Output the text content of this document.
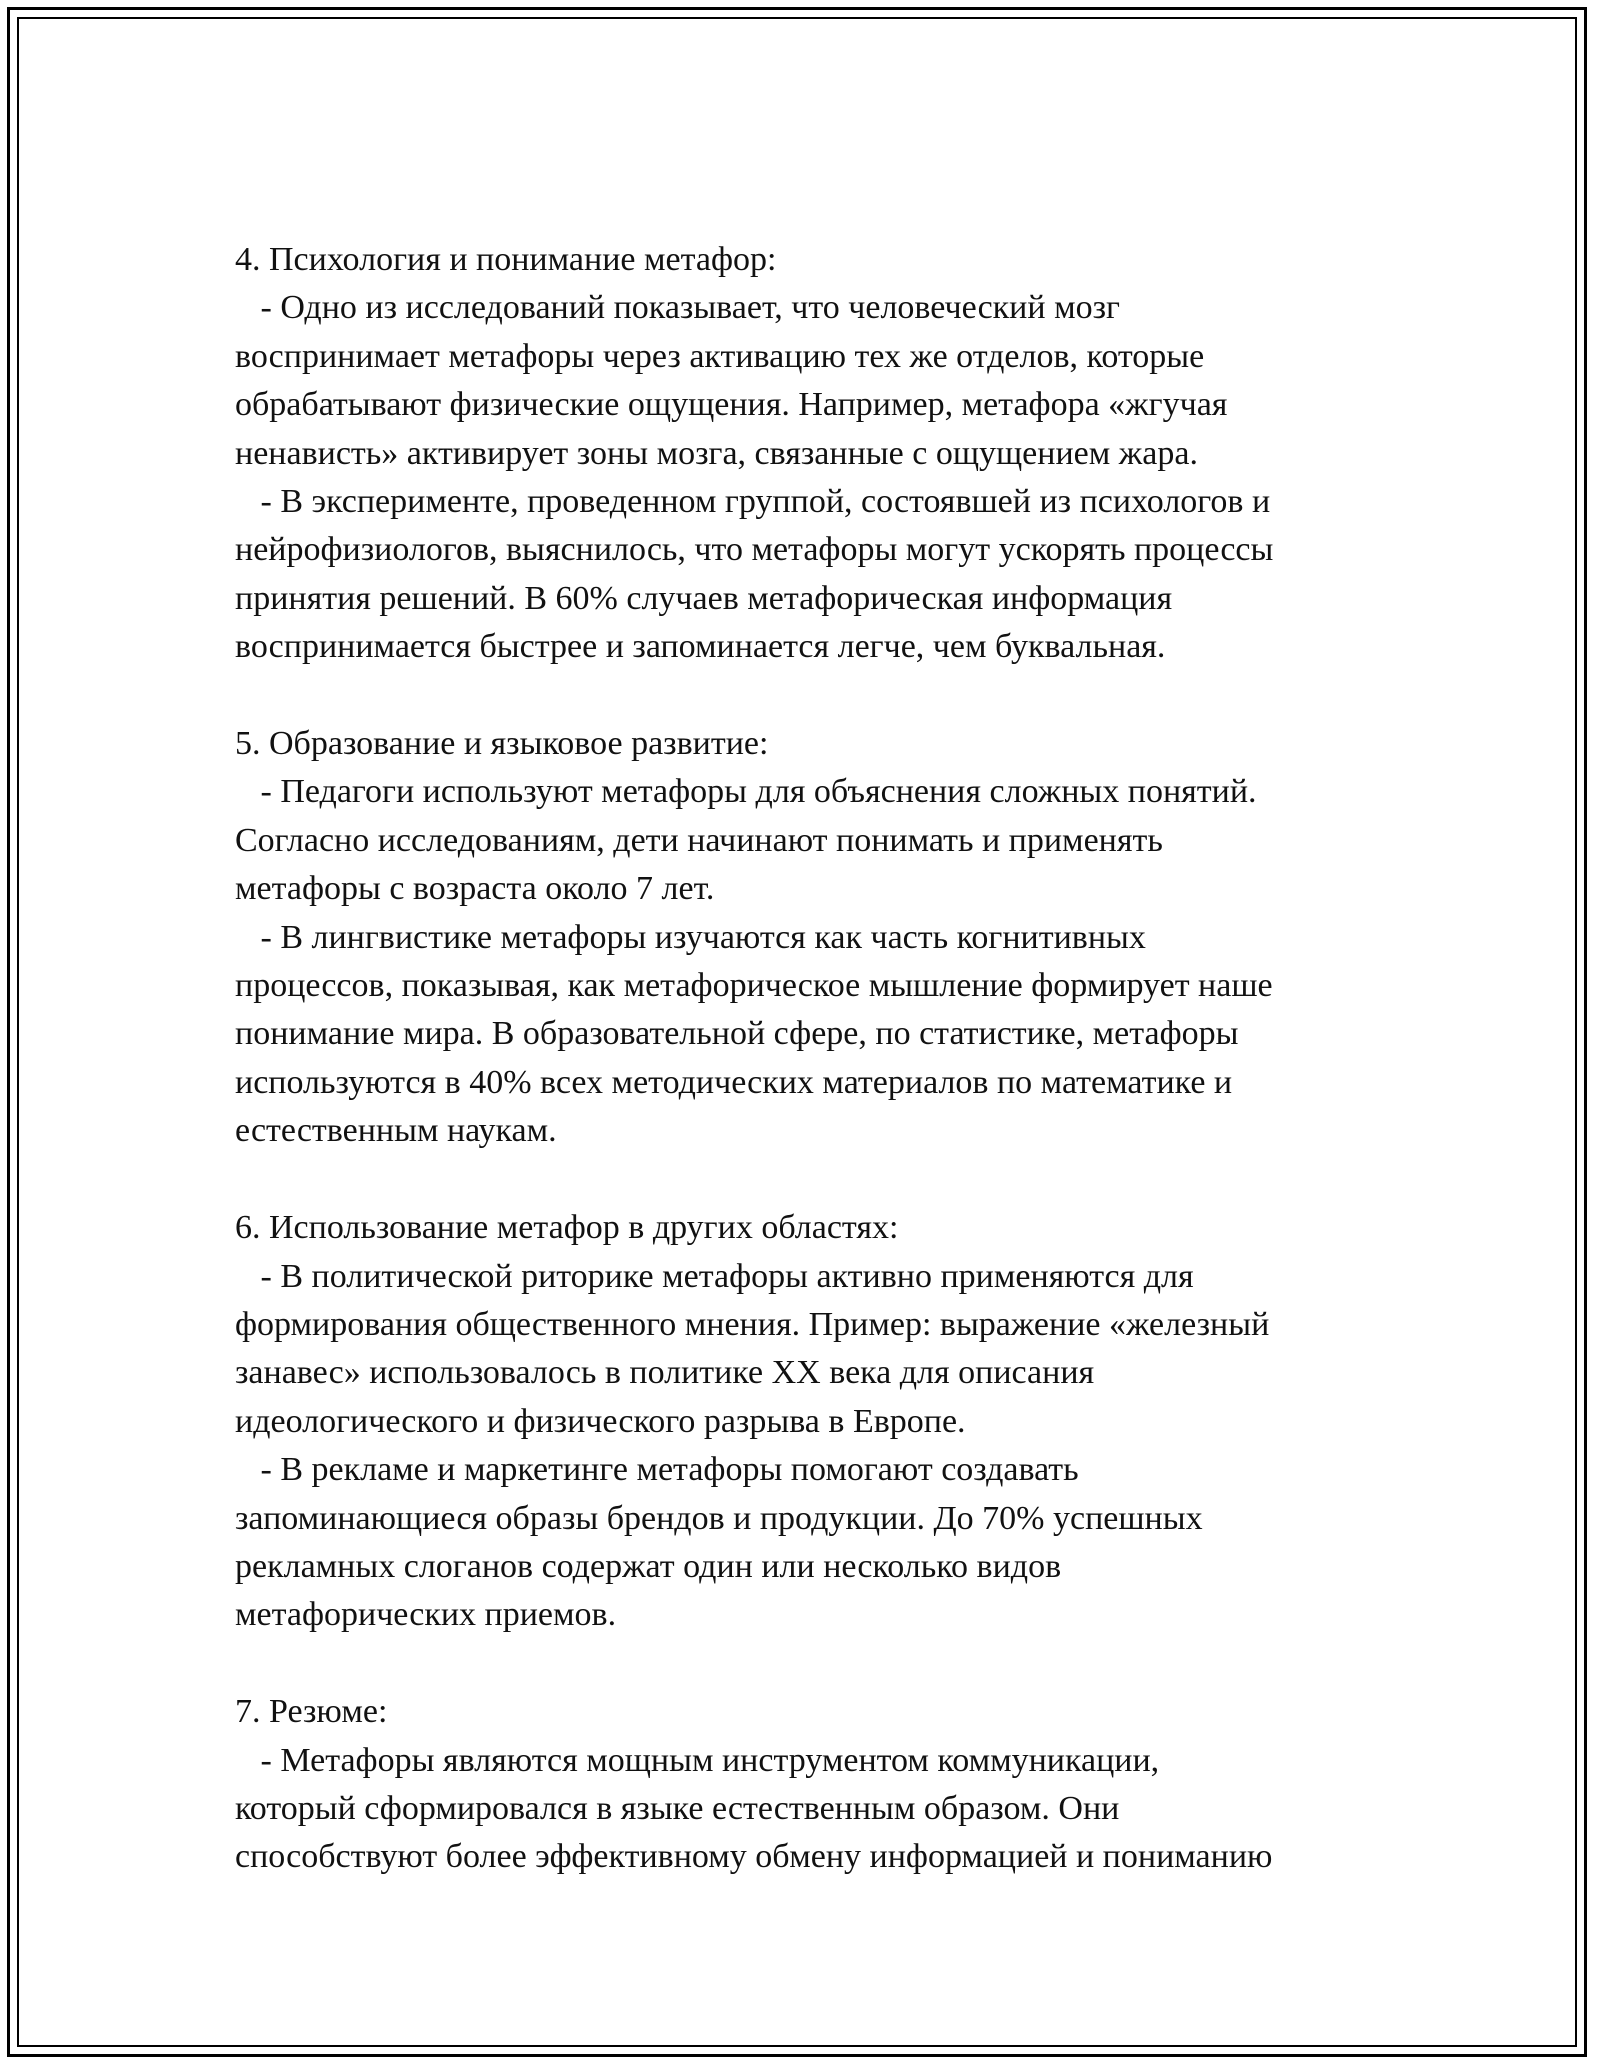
4. Психология и понимание метафор:
- Одно из исследований показывает, что человеческий мозг
воспринимает метафоры через активацию тех же отделов, которые
обрабатывают физические ощущения. Например, метафора «жгучая
ненависть» активирует зоны мозга, связанные с ощущением жара.
- В эксперименте, проведенном группой, состоявшей из психологов и
нейрофизиологов, выяснилось, что метафоры могут ускорять процессы
принятия решений. В 60% случаев метафорическая информация
воспринимается быстрее и запоминается легче, чем буквальная.
5. Образование и языковое развитие:
- Педагоги используют метафоры для объяснения сложных понятий.
Согласно исследованиям, дети начинают понимать и применять
метафоры с возраста около 7 лет.
- В лингвистике метафоры изучаются как часть когнитивных
процессов, показывая, как метафорическое мышление формирует наше
понимание мира. В образовательной сфере, по статистике, метафоры
используются в 40% всех методических материалов по математике и
естественным наукам.
6. Использование метафор в других областях:
- В политической риторике метафоры активно применяются для
формирования общественного мнения. Пример: выражение «железный
занавес» использовалось в политике XX века для описания
идеологического и физического разрыва в Европе.
- В рекламе и маркетинге метафоры помогают создавать
запоминающиеся образы брендов и продукции. До 70% успешных
рекламных слоганов содержат один или несколько видов
метафорических приемов.
7. Резюме:
- Метафоры являются мощным инструментом коммуникации,
который сформировался в языке естественным образом. Они
способствуют более эффективному обмену информацией и пониманию
